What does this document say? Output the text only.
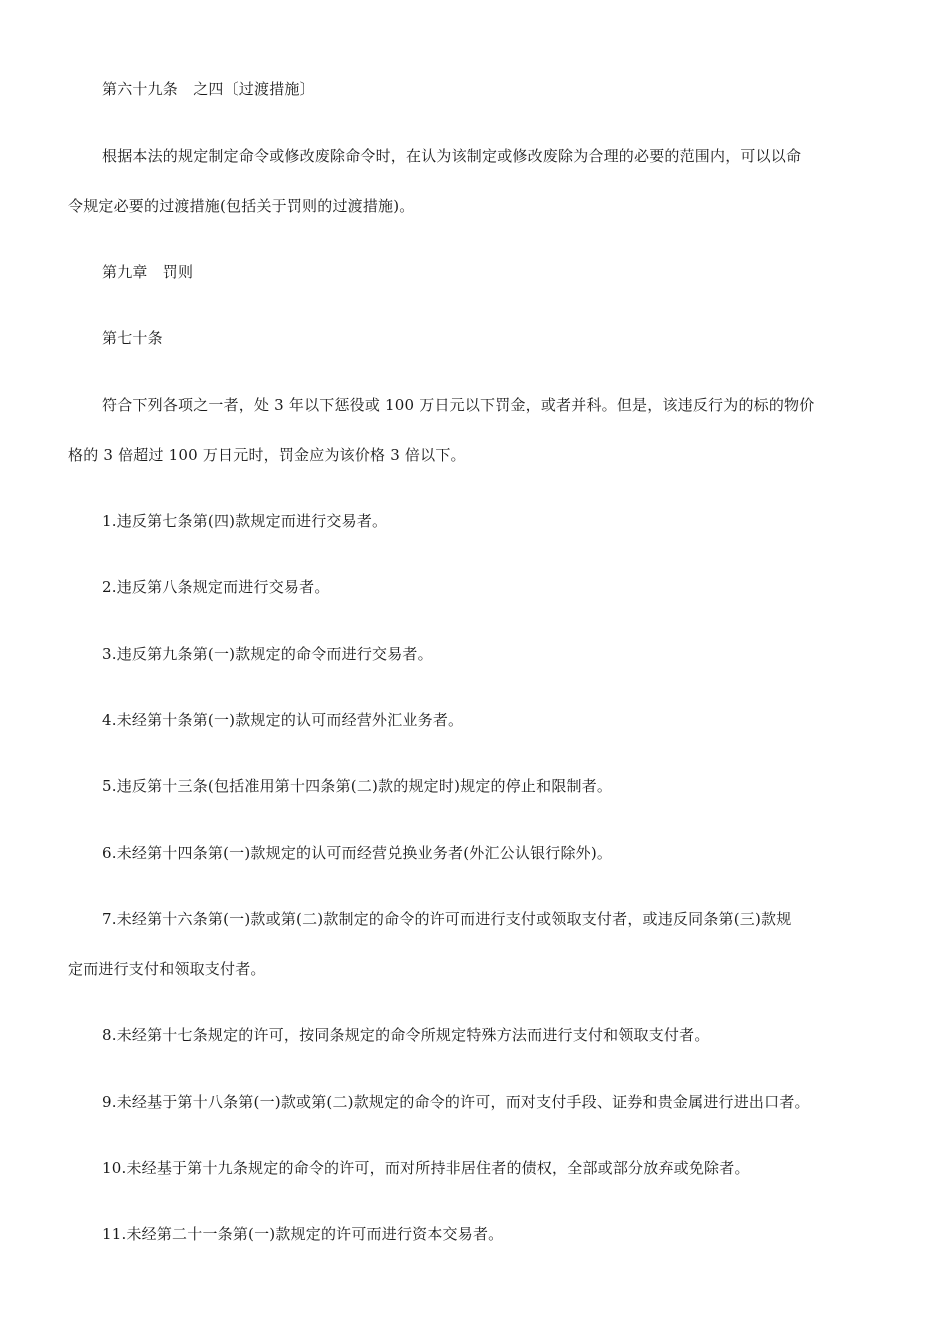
第六十九条　之四〔过渡措施〕
根据本法的规定制定命令或修改废除命令时，在认为该制定或修改废除为合理的必要的范围内，可以以命
令规定必要的过渡措施(包括关于罚则的过渡措施)。
第九章　罚则
第七十条
符合下列各项之一者，处 3 年以下惩役或 100 万日元以下罚金，或者并科。但是，该违反行为的标的物价
格的 3 倍超过 100 万日元时，罚金应为该价格 3 倍以下。
1.违反第七条第(四)款规定而进行交易者。
2.违反第八条规定而进行交易者。
3.违反第九条第(一)款规定的命令而进行交易者。
4.未经第十条第(一)款规定的认可而经营外汇业务者。
5.违反第十三条(包括准用第十四条第(二)款的规定时)规定的停止和限制者。
6.未经第十四条第(一)款规定的认可而经营兑换业务者(外汇公认银行除外)。
7.未经第十六条第(一)款或第(二)款制定的命令的许可而进行支付或领取支付者，或违反同条第(三)款规
定而进行支付和领取支付者。
8.未经第十七条规定的许可，按同条规定的命令所规定特殊方法而进行支付和领取支付者。
9.未经基于第十八条第(一)款或第(二)款规定的命令的许可，而对支付手段、证券和贵金属进行进出口者。
10.未经基于第十九条规定的命令的许可，而对所持非居住者的债权，全部或部分放弃或免除者。
11.未经第二十一条第(一)款规定的许可而进行资本交易者。
